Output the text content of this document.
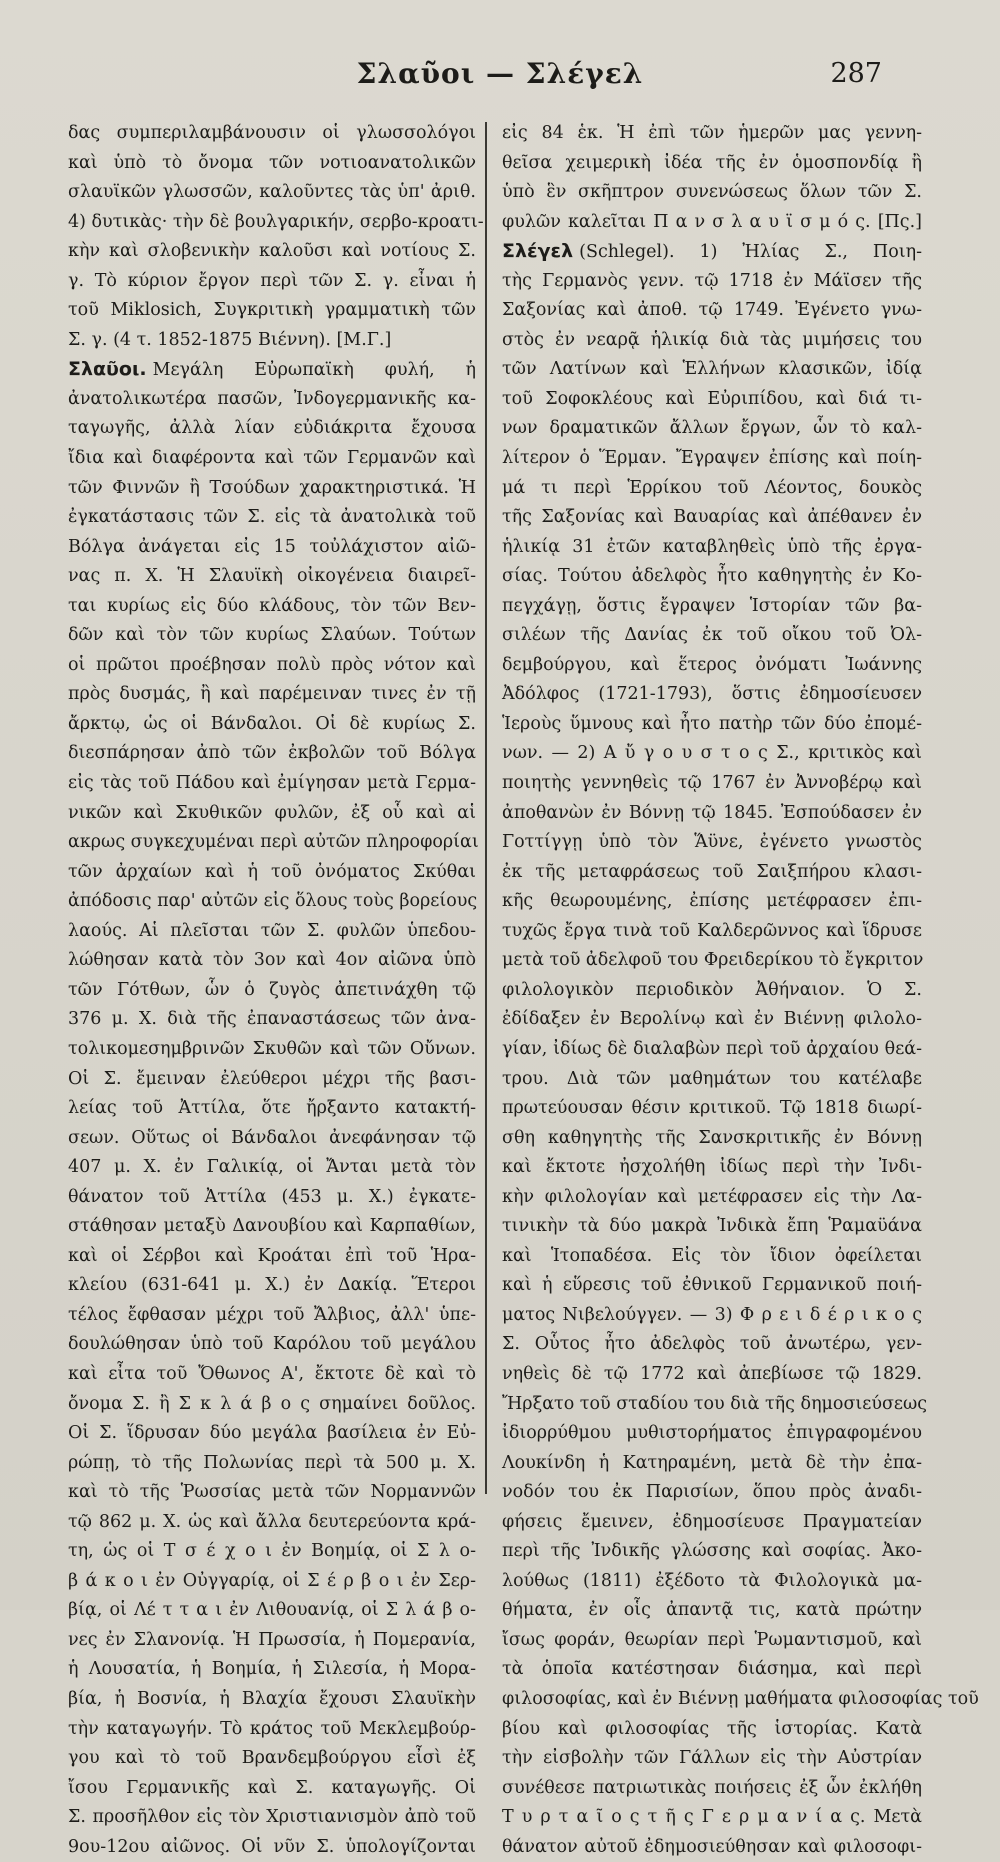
Σλαῦοι — Σλέγελ	287
δας συμπεριλαμβάνουσιν οἱ γλωσσολόγοι
καὶ ὑπὸ τὸ ὄνομα τῶν νοτιοανατολικῶν
σλαυϊκῶν γλωσσῶν, καλοῦντες τὰς ὑπ' ἀριθ.
4) δυτικὰς· τὴν δὲ βουλγαρικήν, σερβο-κροατι-
κὴν καὶ σλοβενικὴν καλοῦσι καὶ νοτίους Σ.
γ. Τὸ κύριον ἔργον περὶ τῶν Σ. γ. εἶναι ἡ
τοῦ Miklosich, Συγκριτικὴ γραμματικὴ τῶν
Σ. γ. (4 τ. 1852-1875 Βιέννη). [Μ.Γ.]
Σλαῦοι. Μεγάλη Εὐρωπαϊκὴ φυλή, ἡ
ἀνατολικωτέρα πασῶν, Ἰνδογερμανικῆς κα-
ταγωγῆς, ἀλλὰ λίαν εὐδιάκριτα ἔχουσα
ἴδια καὶ διαφέροντα καὶ τῶν Γερμανῶν καὶ
τῶν Φιννῶν ἢ Τσούδων χαρακτηριστικά. Ἡ
ἐγκατάστασις τῶν Σ. εἰς τὰ ἀνατολικὰ τοῦ
Βόλγα ἀνάγεται εἰς 15 τοὐλάχιστον αἰῶ-
νας π. Χ. Ἡ Σλαυϊκὴ οἰκογένεια διαιρεῖ-
ται κυρίως εἰς δύο κλάδους, τὸν τῶν Βεν-
δῶν καὶ τὸν τῶν κυρίως Σλαύων. Τούτων
οἱ πρῶτοι προέβησαν πολὺ πρὸς νότον καὶ
πρὸς δυσμάς, ἢ καὶ παρέμειναν τινες ἐν τῇ
ἄρκτῳ, ὡς οἱ Βάνδαλοι. Οἱ δὲ κυρίως Σ.
διεσπάρησαν ἀπὸ τῶν ἐκβολῶν τοῦ Βόλγα
εἰς τὰς τοῦ Πάδου καὶ ἐμίγησαν μετὰ Γερμα-
νικῶν καὶ Σκυθικῶν φυλῶν, ἐξ οὗ καὶ αἱ
ακρως συγκεχυμέναι περὶ αὐτῶν πληροφορίαι
τῶν ἀρχαίων καὶ ἡ τοῦ ὀνόματος Σκύθαι
ἀπόδοσις παρ' αὐτῶν εἰς ὅλους τοὺς βορείους
λαούς. Αἱ πλεῖσται τῶν Σ. φυλῶν ὑπεδου-
λώθησαν κατὰ τὸν 3ον καὶ 4ον αἰῶνα ὑπὸ
τῶν Γότθων, ὧν ὁ ζυγὸς ἀπετινάχθη τῷ
376 μ. Χ. διὰ τῆς ἐπαναστάσεως τῶν ἀνα-
τολικομεσημβρινῶν Σκυθῶν καὶ τῶν Οὔνων.
Οἱ Σ. ἔμειναν ἐλεύθεροι μέχρι τῆς βασι-
λείας τοῦ Ἀττίλα, ὅτε ἤρξαντο κατακτή-
σεων. Οὕτως οἱ Βάνδαλοι ἀνεφάνησαν τῷ
407 μ. Χ. ἐν Γαλικίᾳ, οἱ Ἄνται μετὰ τὸν
θάνατον τοῦ Ἀττίλα (453 μ. Χ.) ἐγκατε-
στάθησαν μεταξὺ Δανουβίου καὶ Καρπαθίων,
καὶ οἱ Σέρβοι καὶ Κροάται ἐπὶ τοῦ Ἡρα-
κλείου (631-641 μ. Χ.) ἐν Δακίᾳ. Ἕτεροι
τέλος ἔφθασαν μέχρι τοῦ Ἄλβιος, ἀλλ' ὑπε-
δουλώθησαν ὑπὸ τοῦ Καρόλου τοῦ μεγάλου
καὶ εἶτα τοῦ Ὄθωνος Α', ἔκτοτε δὲ καὶ τὸ
ὄνομα Σ. ἢ Σ κ λ ά β ο ς σημαίνει δοῦλος.
Οἱ Σ. ἵδρυσαν δύο μεγάλα βασίλεια ἐν Εὐ-
ρώπῃ, τὸ τῆς Πολωνίας περὶ τὰ 500 μ. Χ.
καὶ τὸ τῆς Ῥωσσίας μετὰ τῶν Νορμαννῶν
τῷ 862 μ. Χ. ὡς καὶ ἄλλα δευτερεύοντα κρά-
τη, ὡς οἱ Τ σ έ χ ο ι ἐν Βοημίᾳ, οἱ Σ λ ο-
β ά κ ο ι ἐν Οὐγγαρίᾳ, οἱ Σ έ ρ β ο ι ἐν Σερ-
βίᾳ, οἱ Λέ τ τ α ι ἐν Λιθουανίᾳ, οἱ Σ λ ά β ο-
νες ἐν Σλανονίᾳ. Ἡ Πρωσσία, ἡ Πομερανία,
ἡ Λουσατία, ἡ Βοημία, ἡ Σιλεσία, ἡ Μορα-
βία, ἡ Βοσνία, ἡ Βλαχία ἔχουσι Σλαυϊκὴν
τὴν καταγωγήν. Τὸ κράτος τοῦ Μεκλεμβούρ-
γου καὶ τὸ τοῦ Βρανδεμβούργου εἶσὶ ἐξ
ἴσου Γερμανικῆς καὶ Σ. καταγωγῆς. Οἱ
Σ. προσῆλθον εἰς τὸν Χριστιανισμὸν ἀπὸ τοῦ
9ου-12ου αἰῶνος. Οἱ νῦν Σ. ὑπολογίζονται
εἰς 84 ἑκ. Ἡ ἐπὶ τῶν ἡμερῶν μας γεννη-
θεῖσα χειμερικὴ ἰδέα τῆς ἐν ὁμοσπονδίᾳ ἢ
ὑπὸ ἓν σκῆπτρον συνενώσεως ὅλων τῶν Σ.
φυλῶν καλεῖται Π α ν σ λ α υ ϊ σ μ ό ς. [Πς.]
Σλέγελ (Schlegel). 1) Ἠλίας Σ., Ποιη-
τὴς Γερμανὸς γενν. τῷ 1718 ἐν Μάϊσεν τῆς
Σαξονίας καὶ ἀποθ. τῷ 1749. Ἐγένετο γνω-
στὸς ἐν νεαρᾷ ἡλικίᾳ διὰ τὰς μιμήσεις του
τῶν Λατίνων καὶ Ἑλλήνων κλασικῶν, ἰδίᾳ
τοῦ Σοφοκλέους καὶ Εὐριπίδου, καὶ διά τι-
νων δραματικῶν ἄλλων ἔργων, ὧν τὸ καλ-
λίτερον ὁ Ἕρμαν. Ἔγραψεν ἐπίσης καὶ ποίη-
μά τι περὶ Ἑρρίκου τοῦ Λέοντος, δουκὸς
τῆς Σαξονίας καὶ Βαυαρίας καὶ ἀπέθανεν ἐν
ἡλικίᾳ 31 ἐτῶν καταβληθεὶς ὑπὸ τῆς ἐργα-
σίας. Τούτου ἀδελφὸς ἦτο καθηγητὴς ἐν Κο-
πεγχάγῃ, ὅστις ἔγραψεν Ἱστορίαν τῶν βα-
σιλέων τῆς Δανίας ἐκ τοῦ οἴκου τοῦ Ὀλ-
δεμβούργου, καὶ ἕτερος ὀνόματι Ἰωάννης
Ἀδόλφος (1721-1793), ὅστις ἐδημοσίευσεν
Ἱεροὺς ὕμνους καὶ ἦτο πατὴρ τῶν δύο ἐπομέ-
νων. — 2) Α ὔ γ ο υ σ τ ο ς Σ., κριτικὸς καὶ
ποιητὴς γεννηθεὶς τῷ 1767 ἐν Ἀννοβέρῳ καὶ
ἀποθανὼν ἐν Βόννῃ τῷ 1845. Ἐσπούδασεν ἐν
Γοττίγγῃ ὑπὸ τὸν Ἅϋνε, ἐγένετο γνωστὸς
ἐκ τῆς μεταφράσεως τοῦ Σαιξπήρου κλασι-
κῆς θεωρουμένης, ἐπίσης μετέφρασεν ἐπι-
τυχῶς ἔργα τινὰ τοῦ Καλδερῶννος καὶ ἵδρυσε
μετὰ τοῦ ἀδελφοῦ του Φρειδερίκου τὸ ἔγκριτον
φιλολογικὸν περιοδικὸν Ἀθήναιον. Ὁ Σ.
ἐδίδαξεν ἐν Βερολίνῳ καὶ ἐν Βιέννῃ φιλολο-
γίαν, ἰδίως δὲ διαλαβὼν περὶ τοῦ ἀρχαίου θεά-
τρου. Διὰ τῶν μαθημάτων του κατέλαβε
πρωτεύουσαν θέσιν κριτικοῦ. Τῷ 1818 διωρί-
σθη καθηγητὴς τῆς Σανσκριτικῆς ἐν Βόννῃ
καὶ ἔκτοτε ἠσχολήθη ἰδίως περὶ τὴν Ἰνδι-
κὴν φιλολογίαν καὶ μετέφρασεν εἰς τὴν Λα-
τινικὴν τὰ δύο μακρὰ Ἰνδικὰ ἔπη Ῥαμαϋάνα
καὶ Ἱτοπαδέσα. Εἰς τὸν ἴδιον ὀφείλεται
καὶ ἡ εὕρεσις τοῦ ἐθνικοῦ Γερμανικοῦ ποιή-
ματος Νιβελούγγεν. — 3) Φ ρ ε ι δ έ ρ ι κ ο ς
Σ. Οὗτος ἦτο ἀδελφὸς τοῦ ἀνωτέρω, γεν-
νηθεὶς δὲ τῷ 1772 καὶ ἀπεβίωσε τῷ 1829.
Ἤρξατο τοῦ σταδίου του διὰ τῆς δημοσιεύσεως
ἰδιορρύθμου μυθιστορήματος ἐπιγραφομένου
Λουκίνδη ἡ Κατηραμένη, μετὰ δὲ τὴν ἐπα-
νοδόν του ἐκ Παρισίων, ὅπου πρὸς ἀναδι-
φήσεις ἔμεινεν, ἐδημοσίευσε Πραγματείαν
περὶ τῆς Ἰνδικῆς γλώσσης καὶ σοφίας. Ἀκο-
λούθως (1811) ἐξέδοτο τὰ Φιλολογικὰ μα-
θήματα, ἐν οἷς ἀπαντᾷ τις, κατὰ πρώτην
ἴσως φοράν, θεωρίαν περὶ Ῥωμαντισμοῦ, καὶ
τὰ ὁποῖα κατέστησαν διάσημα, καὶ περὶ
φιλοσοφίας, καὶ ἐν Βιέννῃ μαθήματα φιλοσοφίας τοῦ
βίου καὶ φιλοσοφίας τῆς ἱστορίας. Κατὰ
τὴν εἰσβολὴν τῶν Γάλλων εἰς τὴν Αὐστρίαν
συνέθεσε πατριωτικὰς ποιήσεις ἐξ ὧν ἐκλήθη
Τ υ ρ τ α ῖ ο ς τ ῆ ς Γ ε ρ μ α ν ί α ς. Μετὰ
θάνατον αὐτοῦ ἐδημοσιεύθησαν καὶ φιλοσοφι-
